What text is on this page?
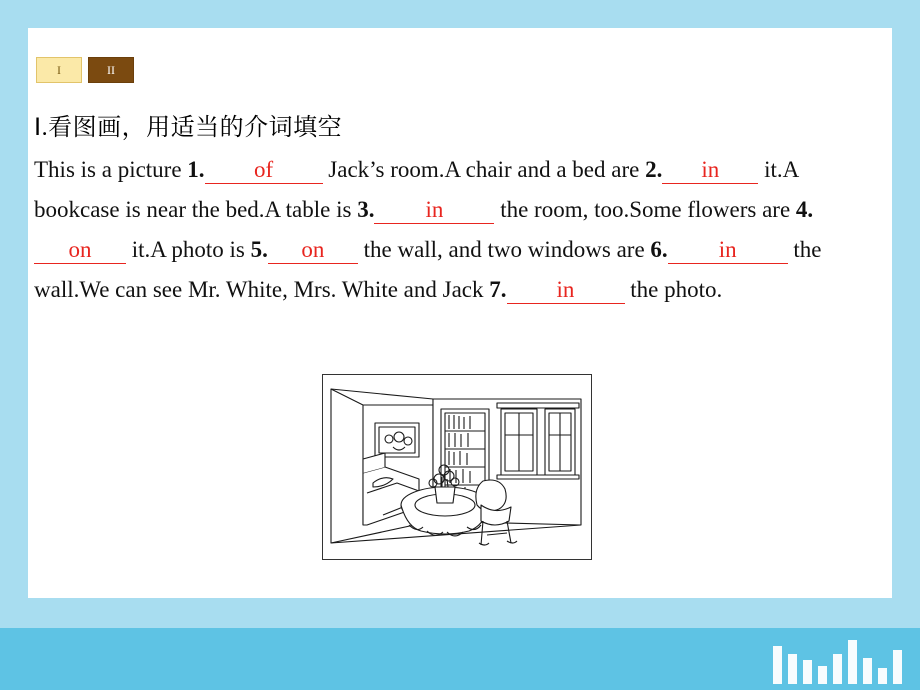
I	II
Ⅰ.看图画，用适当的介词填空
This is a picture 1. of Jack’s room.A chair and a bed are 2. in it.A bookcase is near the bed.A table is 3. in the room, too.Some flowers are 4.on it.A photo is 5. on the wall, and two windows are 6. in the wall.We can see Mr. White, Mrs. White and Jack 7. in the photo.
